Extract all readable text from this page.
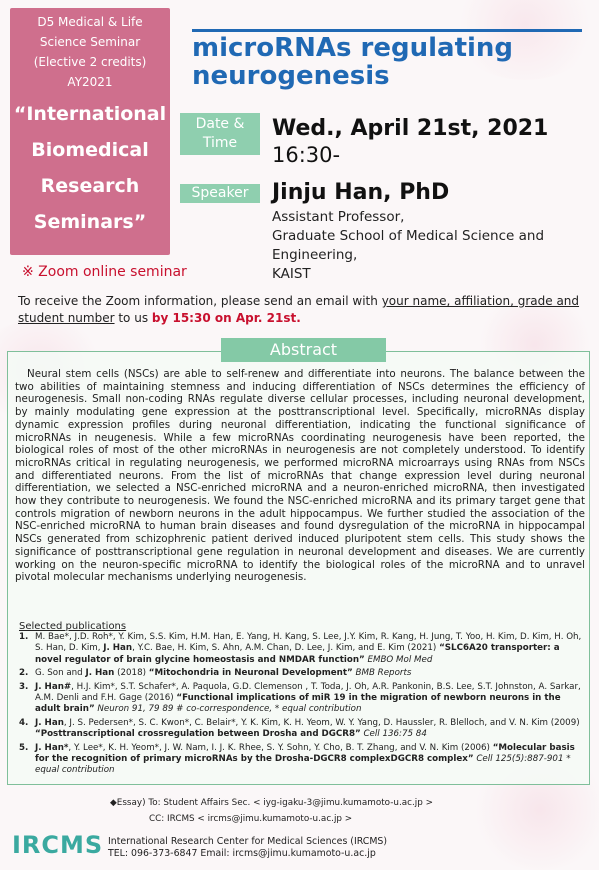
D5 Medical & Life
Science Seminar
(Elective 2 credits)
AY2021
“International
Biomedical
Research
Seminars”
microRNAs regulating
neurogenesis
Date &
Time
Wed., April 21st, 2021
16:30-
Speaker	Jinju Han, PhD
Assistant Professor,
Graduate School of Medical Science and
Engineering,
KAIST
※ Zoom online seminar
To receive the Zoom information, please send an email with your name, affiliation, grade and student number to us by 15:30 on Apr. 21st.
Abstract
Neural stem cells (NSCs) are able to self-renew and differentiate into neurons. The balance between the two abilities of maintaining stemness and inducing differentiation of NSCs determines the efficiency of neurogenesis. Small non-coding RNAs regulate diverse cellular processes, including neuronal development, by mainly modulating gene expression at the posttranscriptional level. Specifically, microRNAs display dynamic expression profiles during neuronal differentiation, indicating the functional significance of microRNAs in neugenesis. While a few microRNAs coordinating neurogenesis have been reported, the biological roles of most of the other microRNAs in neurogenesis are not completely understood. To identify microRNAs critical in regulating neurogenesis, we performed microRNA microarrays using RNAs from NSCs and differentiated neurons. From the list of microRNAs that change expression level during neuronal differentiation, we selected a NSC-enriched microRNA and a neuron-enriched microRNA, then investigated how they contribute to neurogenesis. We found the NSC-enriched microRNA and its primary target gene that controls migration of newborn neurons in the adult hippocampus. We further studied the association of the NSC-enriched microRNA to human brain diseases and found dysregulation of the microRNA in hippocampal NSCs generated from schizophrenic patient derived induced pluripotent stem cells. This study shows the significance of posttranscriptional gene regulation in neuronal development and diseases. We are currently working on the neuron-specific microRNA to identify the biological roles of the microRNA and to unravel pivotal molecular mechanisms underlying neurogenesis.
Selected publications
1. M. Bae*, J.D. Roh*, Y. Kim, S.S. Kim, H.M. Han, E. Yang, H. Kang, S. Lee, J.Y. Kim, R. Kang, H. Jung, T. Yoo, H. Kim, D. Kim, H. Oh, S. Han, D. Kim, J. Han, Y.C. Bae, H. Kim, S. Ahn, A.M. Chan, D. Lee, J. Kim, and E. Kim (2021) “SLC6A20 transporter: a novel regulator of brain glycine homeostasis and NMDAR function” EMBO Mol Med
2. G. Son and J. Han (2018) “Mitochondria in Neuronal Development” BMB Reports
3. J. Han#, H.J. Kim*, S.T. Schafer*, A. Paquola, G.D. Clemenson , T. Toda, J. Oh, A.R. Pankonin, B.S. Lee, S.T. Johnston, A. Sarkar, A.M. Denli and F.H. Gage (2016) “Functional implications of miR 19 in the migration of newborn neurons in the adult brain” Neuron 91, 79 89 # co-correspondence, * equal contribution
4. J. Han, J. S. Pedersen*, S. C. Kwon*, C. Belair*, Y. K. Kim, K. H. Yeom, W. Y. Yang, D. Haussler, R. Blelloch, and V. N. Kim (2009) “Posttranscriptional crossregulation between Drosha and DGCR8” Cell 136:75 84
5. J. Han*, Y. Lee*, K. H. Yeom*, J. W. Nam, I. J. K. Rhee, S. Y. Sohn, Y. Cho, B. T. Zhang, and V. N. Kim (2006) “Molecular basis for the recognition of primary microRNAs by the Drosha-DGCR8 complexDGCR8 complex” Cell 125(5):887-901 * equal contribution
◆Essay) To: Student Affairs Sec. < iyg-igaku-3@jimu.kumamoto-u.ac.jp >
CC: IRCMS < ircms@jimu.kumamoto-u.ac.jp >
IRCMS International Research Center for Medical Sciences (IRCMS)
TEL: 096-373-6847 Email: ircms@jimu.kumamoto-u.ac.jp
